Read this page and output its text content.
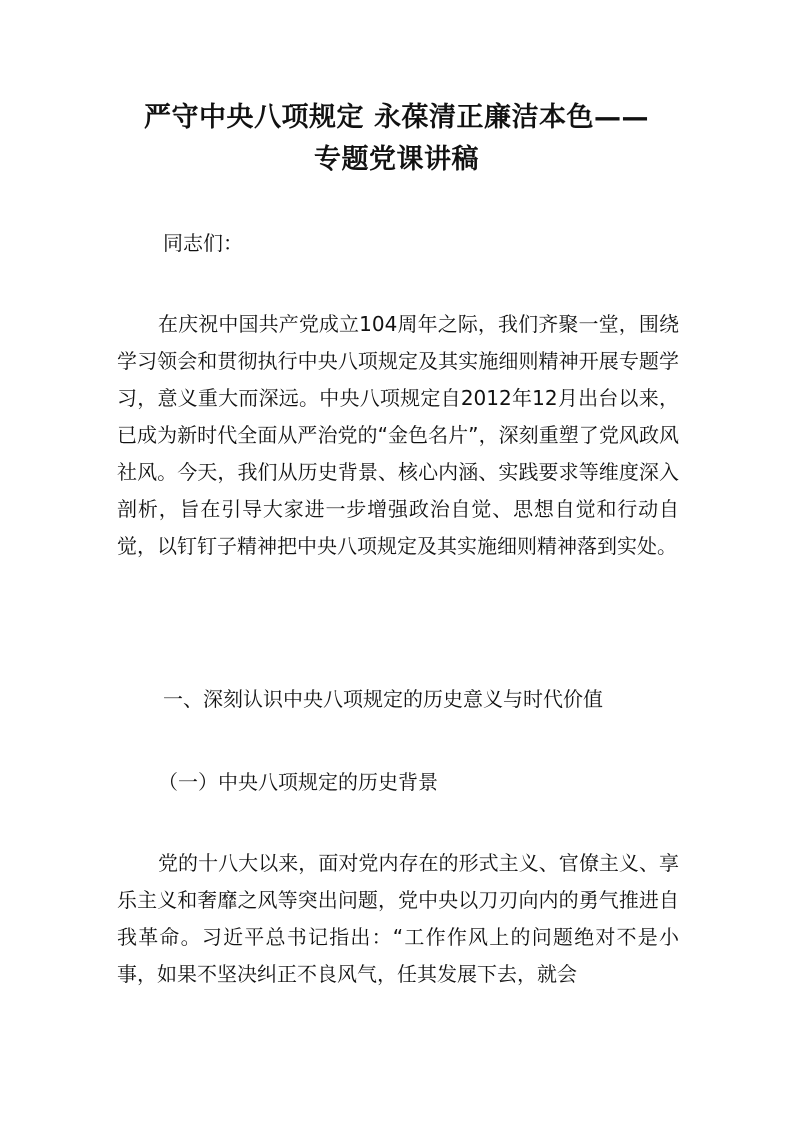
严守中央八项规定 永葆清正廉洁本色——
专题党课讲稿
同志们：
在庆祝中国共产党成立104周年之际，我们齐聚一堂，围绕学习领会和贯彻执行中央八项规定及其实施细则精神开展专题学习，意义重大而深远。中央八项规定自2012年12月出台以来，已成为新时代全面从严治党的“金色名片”，深刻重塑了党风政风社风。今天，我们从历史背景、核心内涵、实践要求等维度深入剖析，旨在引导大家进一步增强政治自觉、思想自觉和行动自觉，以钉钉子精神把中央八项规定及其实施细则精神落到实处。
一、深刻认识中央八项规定的历史意义与时代价值
（一）中央八项规定的历史背景
党的十八大以来，面对党内存在的形式主义、官僚主义、享乐主义和奢靡之风等突出问题，党中央以刀刃向内的勇气推进自我革命。习近平总书记指出：“工作作风上的问题绝对不是小事，如果不坚决纠正不良风气，任其发展下去，就会
